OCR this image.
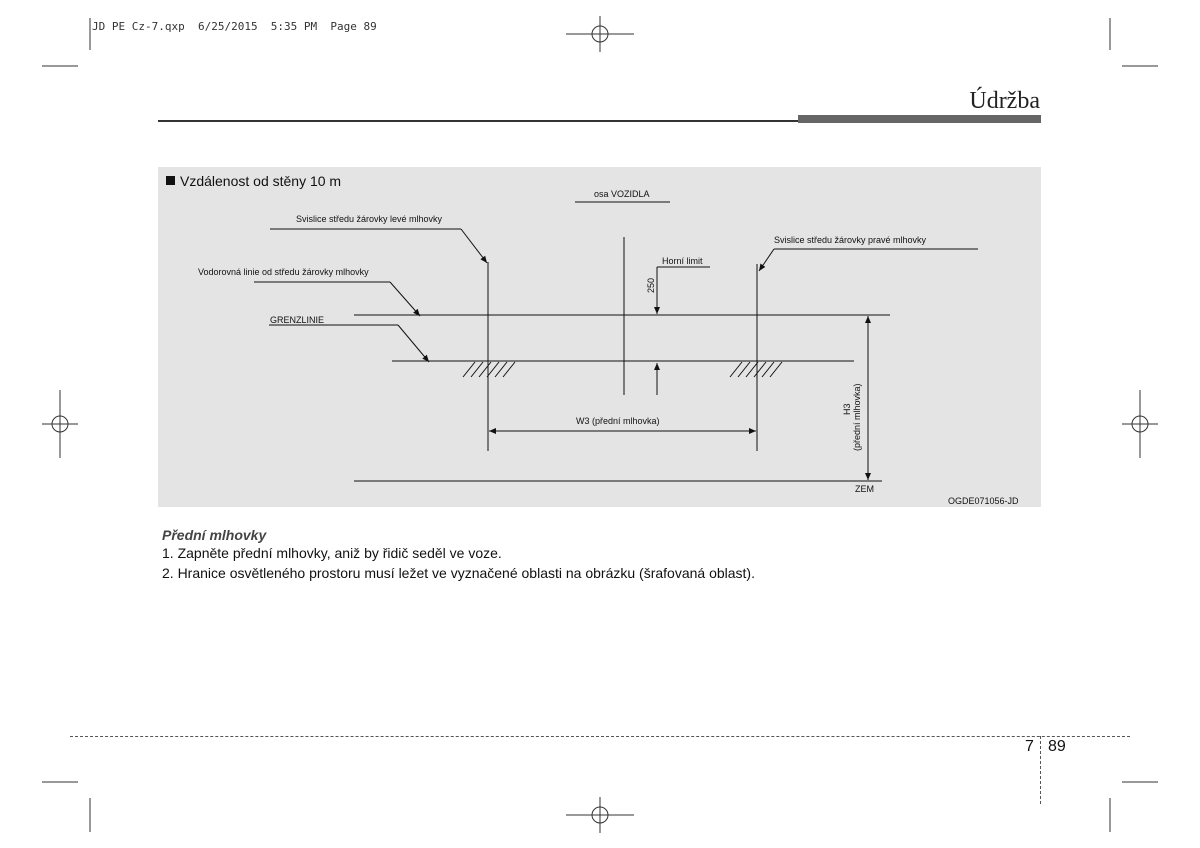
JD PE Cz-7.qxp  6/25/2015  5:35 PM  Page 89
Údržba
Vzdálenost od stěny 10 m
osa VOZIDLA
Svislice středu žárovky levé mlhovky
Svislice středu žárovky pravé mlhovky
Vodorovná linie od středu žárovky mlhovky
Horní limit
250
GRENZLINIE
W3 (přední mlhovka)
H3 (přední mlhovka)
ZEM
OGDE071056-JD
Přední mlhovky
1. Zapněte přední mlhovky, aniž by řidič seděl ve voze.
2. Hranice osvětleného prostoru musí ležet ve vyznačené oblasti na obrázku (šrafovaná oblast).
7 89
